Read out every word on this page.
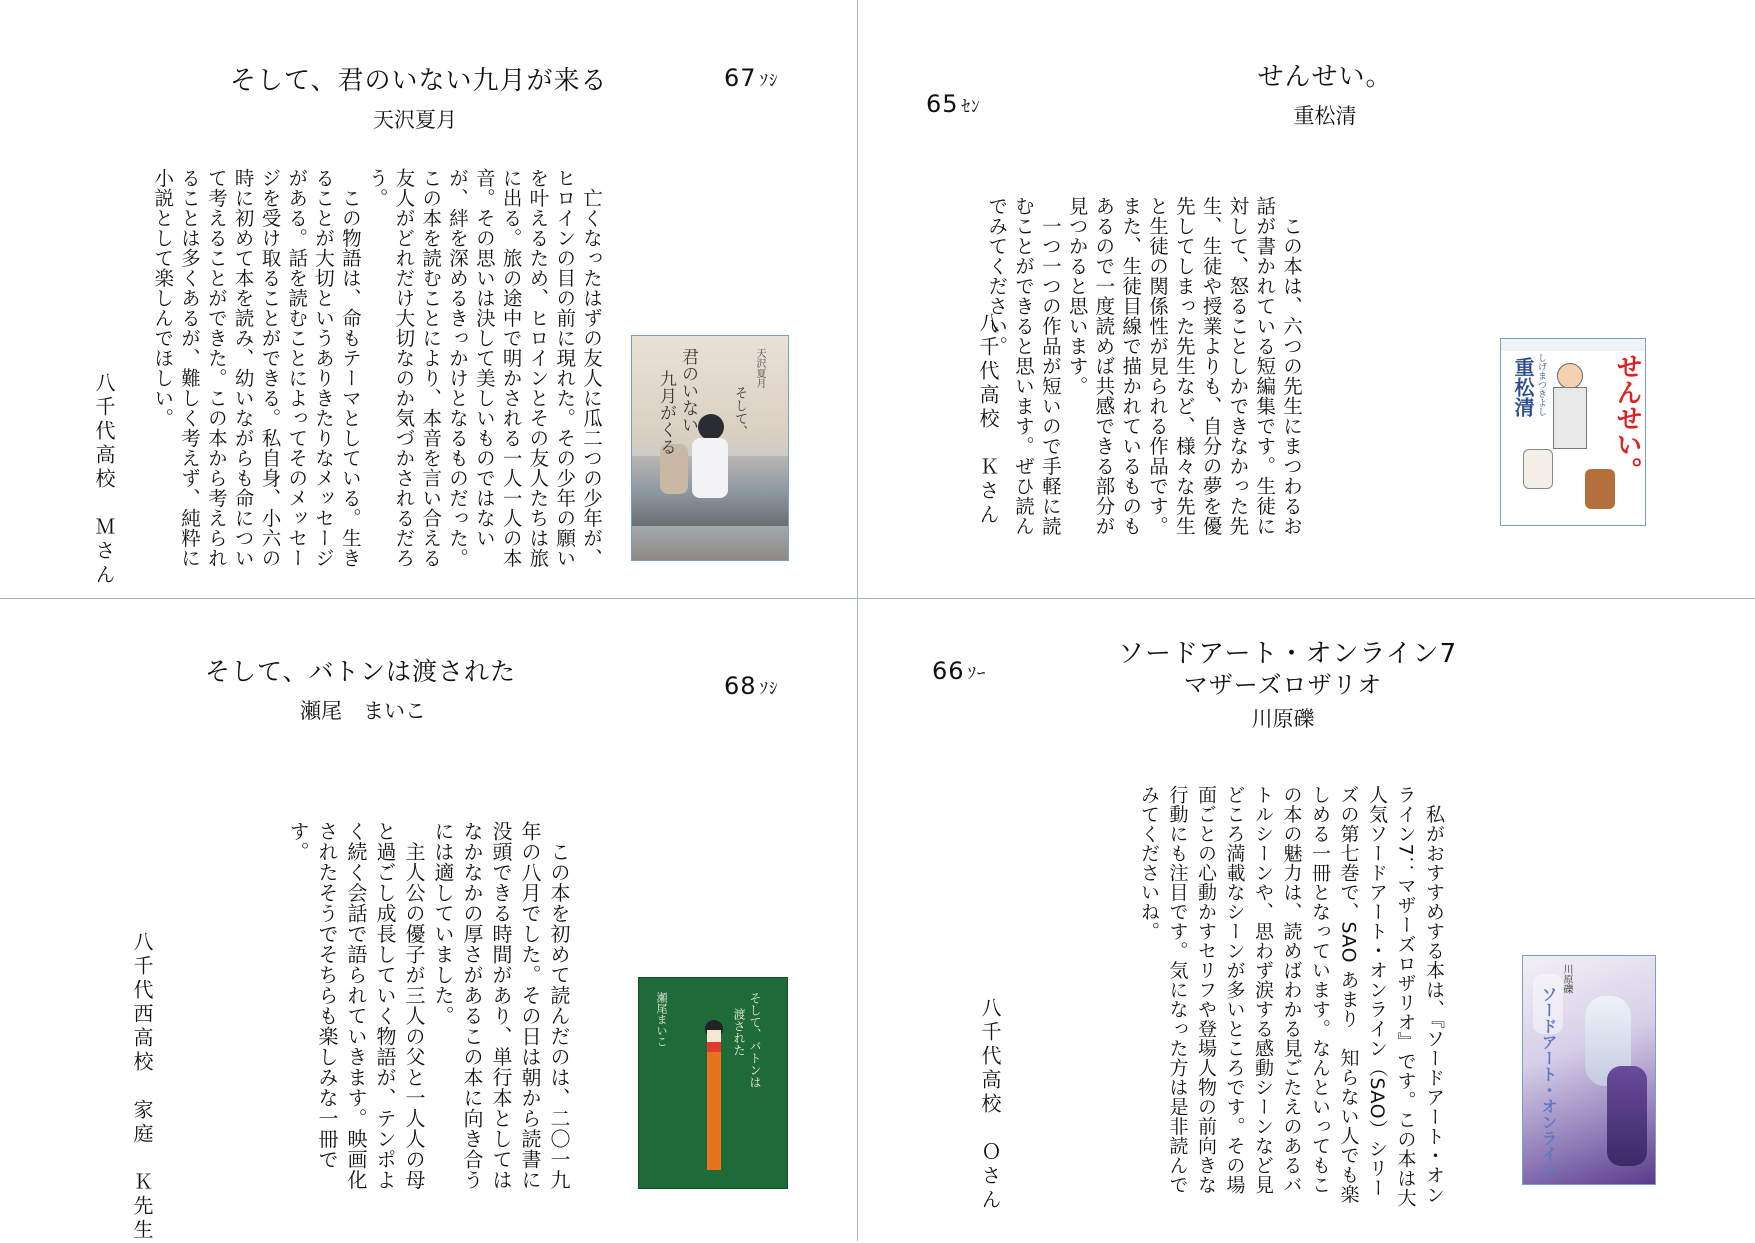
そして、君のいない九月が来る	67 ｿｼ
天沢夏月
　亡くなったはずの友人に瓜二つの少年が、ヒロインの目の前に現れた。その少年の願いを叶えるため、ヒロインとその友人たちは旅に出る。旅の途中で明かされる一人一人の本音。その思いは決して美しいものではないが、絆を深めるきっかけとなるものだった。この本を読むことにより、本音を言い合える友人がどれだけ大切なのか気づかされるだろう。
　この物語は、命もテーマとしている。生きることが大切というありきたりなメッセージがある。話を読むことによってそのメッセージを受け取ることができる。私自身、小六の時に初めて本を読み、幼いながらも命について考えることができた。この本から考えられることは多くあるが、難しく考えず、純粋に小説として楽しんでほしい。	君のいない
九月がくる	そして、
天沢夏月
八千代高校　Ｍさん
せんせい。
65 ｾﾝ	重松清
　この本は、六つの先生にまつわるお話が書かれている短編集です。生徒に対して、怒ることしかできなかった先生、生徒や授業よりも、自分の夢を優先してしまった先生など、様々な先生と生徒の関係性が見られる作品です。また、生徒目線で描かれているものもあるので一度読めば共感できる部分が見つかると思います。
　一つ一つの作品が短いので手軽に読むことができると思います。ぜひ読んでみてください。
せんせい。
重松清 しげまつきよし
八千代高校　Ｋさん
そして、バトンは渡された	68 ｿｼ
瀬尾　まいこ
　この本を初めて読んだのは、二〇一九年の八月でした。その日は朝から読書に没頭できる時間があり、単行本としてはなかなかの厚さがあるこの本に向き合うには適していました。
　主人公の優子が三人の父と一人人の母と過ごし成長していく物語が、テンポよく続く会話で語られていきます。映画化されたそうでそちらも楽しみな一冊です。
そして、バトンは
渡された
瀬尾まいこ
八千代西高校　家庭　Ｋ先生
ソードアート・オンライン7
マザーズロザリオ
66 ｿｰ
川原礫
　私がおすすめする本は、『ソードアート・オンライン7：マザーズロザリオ』です。この本は大人気ソードアート・オンライン（SAO）シリーズの第七巻で、SAO あまり　知らない人でも楽しめる一冊となっています。なんといってもこの本の魅力は、読めばわかる見ごたえのあるバトルシーンや、思わず涙する感動シーンなど見どころ満載なシーンが多いところです。その場面ごとの心動かすセリフや登場人物の前向きな行動にも注目です。気になった方は是非読んでみてくださいね。
ソードアート・オンライン
川原礫
八千代高校　Ｏさん
